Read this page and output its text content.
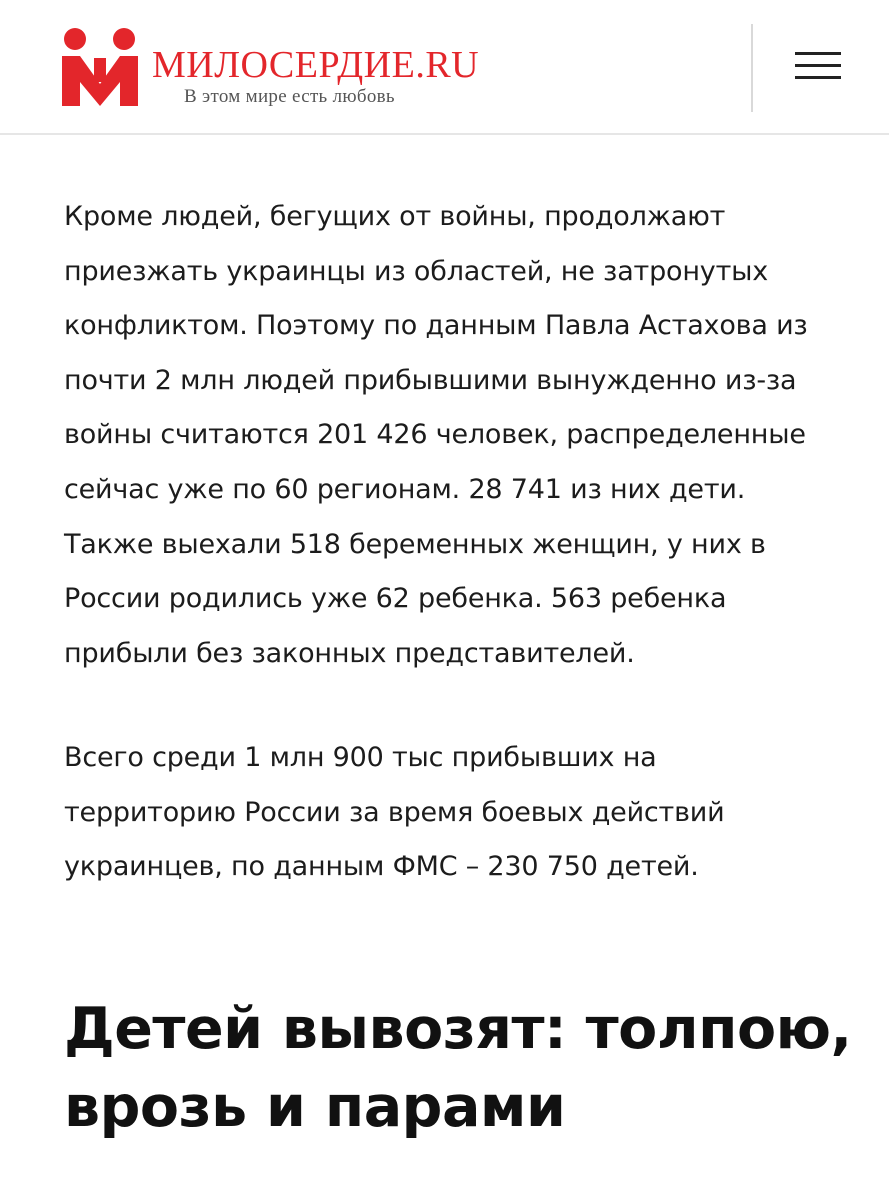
МИЛОСЕРДИЕ.RU
В этом мире есть любовь

Кроме людей, бегущих от войны, продолжают

приезжать украинцы из областей, не затронутых

конфликтом. Поэтому по данным Павла Астахова из

почти 2 млн людей прибывшими вынужденно из-за

войны считаются 201 426 человек, распределенные

сейчас уже по 60 регионам. 28 741 из них дети.

Также выехали 518 беременных женщин, у них в

России родились уже 62 ребенка. 563 ребенка

прибыли без законных представителей.

Всего среди 1 млн 900 тыс прибывших на

территорию России за время боевых действий

украинцев, по данным ФМС – 230 750 детей.

Детей вывозят: толпою,
врозь и парами
